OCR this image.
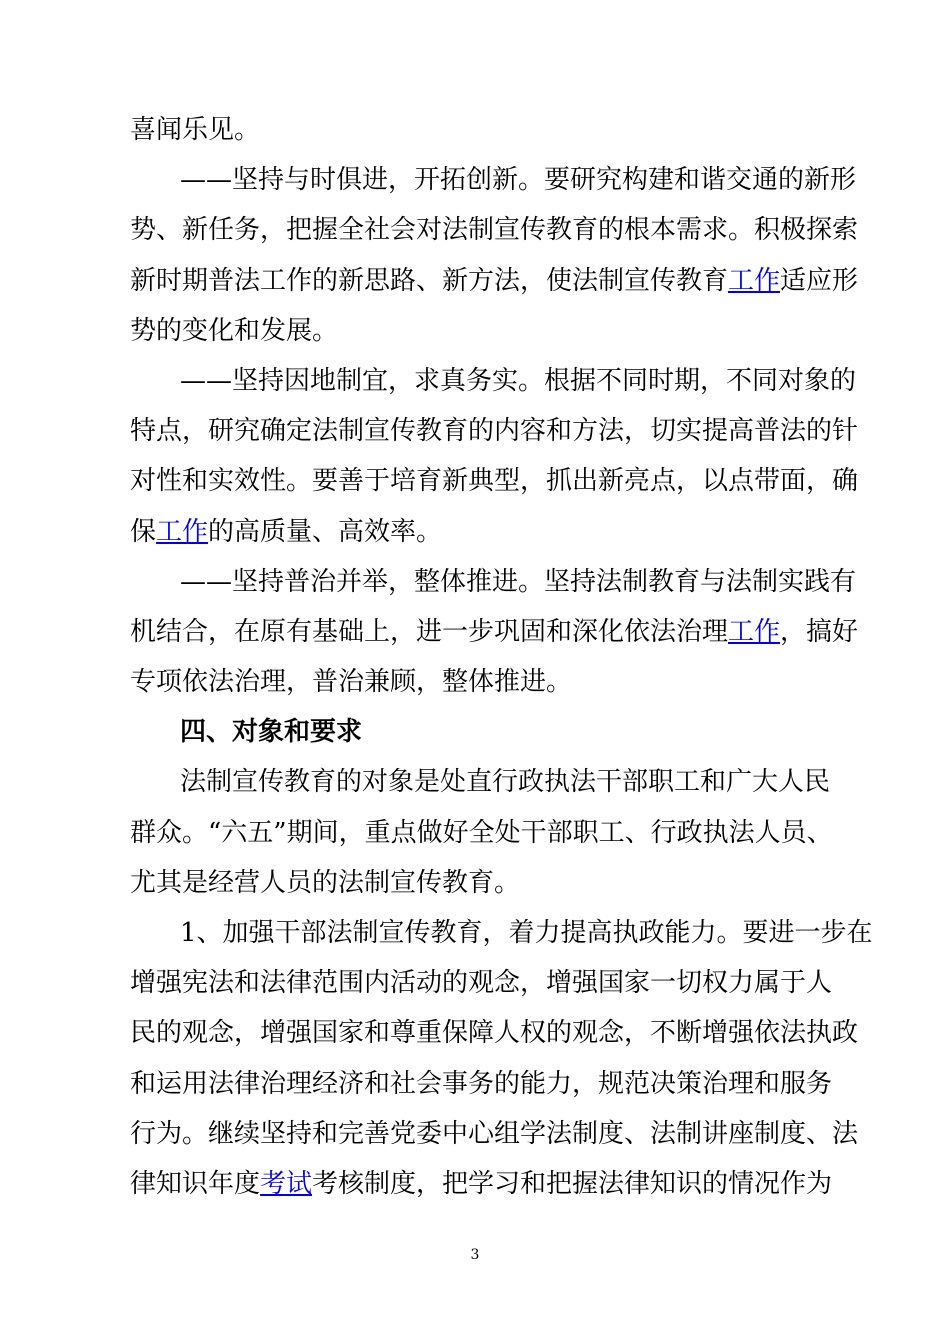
喜闻乐见。
——坚持与时俱进，开拓创新。要研究构建和谐交通的新形
势、新任务，把握全社会对法制宣传教育的根本需求。积极探索
新时期普法工作的新思路、新方法，使法制宣传教育工作适应形
势的变化和发展。
——坚持因地制宜，求真务实。根据不同时期，不同对象的
特点，研究确定法制宣传教育的内容和方法，切实提高普法的针
对性和实效性。要善于培育新典型，抓出新亮点，以点带面，确
保工作的高质量、高效率。
——坚持普治并举，整体推进。坚持法制教育与法制实践有
机结合，在原有基础上，进一步巩固和深化依法治理工作，搞好
专项依法治理，普治兼顾，整体推进。
四、对象和要求
法制宣传教育的对象是处直行政执法干部职工和广大人民
群众。“六五”期间，重点做好全处干部职工、行政执法人员、
尤其是经营人员的法制宣传教育。
1、加强干部法制宣传教育，着力提高执政能力。要进一步在
增强宪法和法律范围内活动的观念，增强国家一切权力属于人
民的观念，增强国家和尊重保障人权的观念，不断增强依法执政
和运用法律治理经济和社会事务的能力，规范决策治理和服务
行为。继续坚持和完善党委中心组学法制度、法制讲座制度、法
律知识年度考试考核制度，把学习和把握法律知识的情况作为
3
